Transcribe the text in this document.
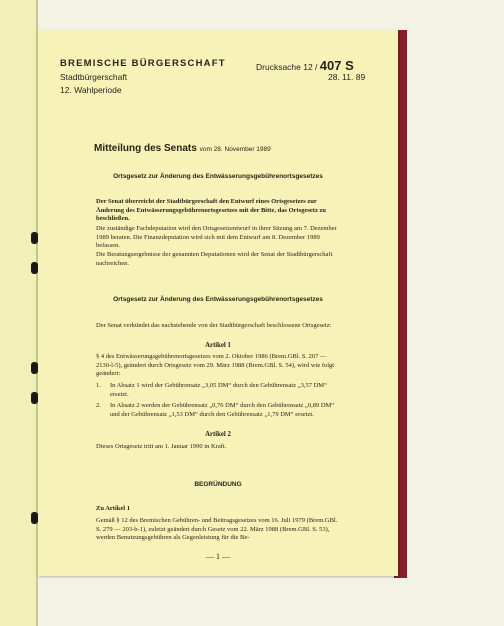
BREMISCHE BÜRGERSCHAFT
Stadtbürgerschaft
12. Wahlperiode
Drucksache 12 / 407 S
28. 11. 89
Mitteilung des Senats vom 28. November 1989
Ortsgesetz zur Änderung des Entwässerungsgebührenortsgesetzes
Der Senat überreicht der Stadtbürgerschaft den Entwurf eines Ortsgesetzes zur Änderung des Entwässerungsgebührenortsgesetzes mit der Bitte, das Ortsgesetz zu beschließen.
Die zuständige Fachdeputation wird den Ortsgesetzentwurf in ihrer Sitzung am 7. Dezember 1989 beraten. Die Finanzdeputation wird sich mit dem Entwurf am 8. Dezember 1989 befassen.
Die Beratungsergebnisse der genannten Deputationen wird der Senat der Stadtbürgerschaft nachreichen.
Ortsgesetz zur Änderung des Entwässerungsgebührenortsgesetzes
Der Senat verkündet das nachstehende von der Stadtbürgerschaft beschlossene Ortsgesetz:
Artikel 1
§ 4 des Entwässerungsgebührenortsgesetzes vom 2. Oktober 1986 (Brem.GBl. S. 207 — 2130-l-5), geändert durch Ortsgesetz vom 29. März 1988 (Brem.GBl. S. 54), wird wie folgt geändert:
1.	In Absatz 1 wird der Gebührensatz „3,05 DM“ durch den Gebührensatz „3,57 DM“ ersetzt.
2.	In Absatz 2 werden der Gebührensatz „0,76 DM“ durch den Gebührensatz „0,89 DM“ und der Gebührensatz „1,53 DM“ durch den Gebührensatz „1,79 DM“ ersetzt.
Artikel 2
Dieses Ortsgesetz tritt am 1. Januar 1990 in Kraft.
BEGRÜNDUNG
Zu Artikel 1
Gemäß § 12 des Bremischen Gebühren- und Beitragsgesetzes vom 16. Juli 1979 (Brem.GBl. S. 279 — 203-b-1), zuletzt geändert durch Gesetz vom 22. März 1988 (Brem.GBl. S. 53), werden Benutzungsgebühren als Gegenleistung für die Be-
— 1 —
